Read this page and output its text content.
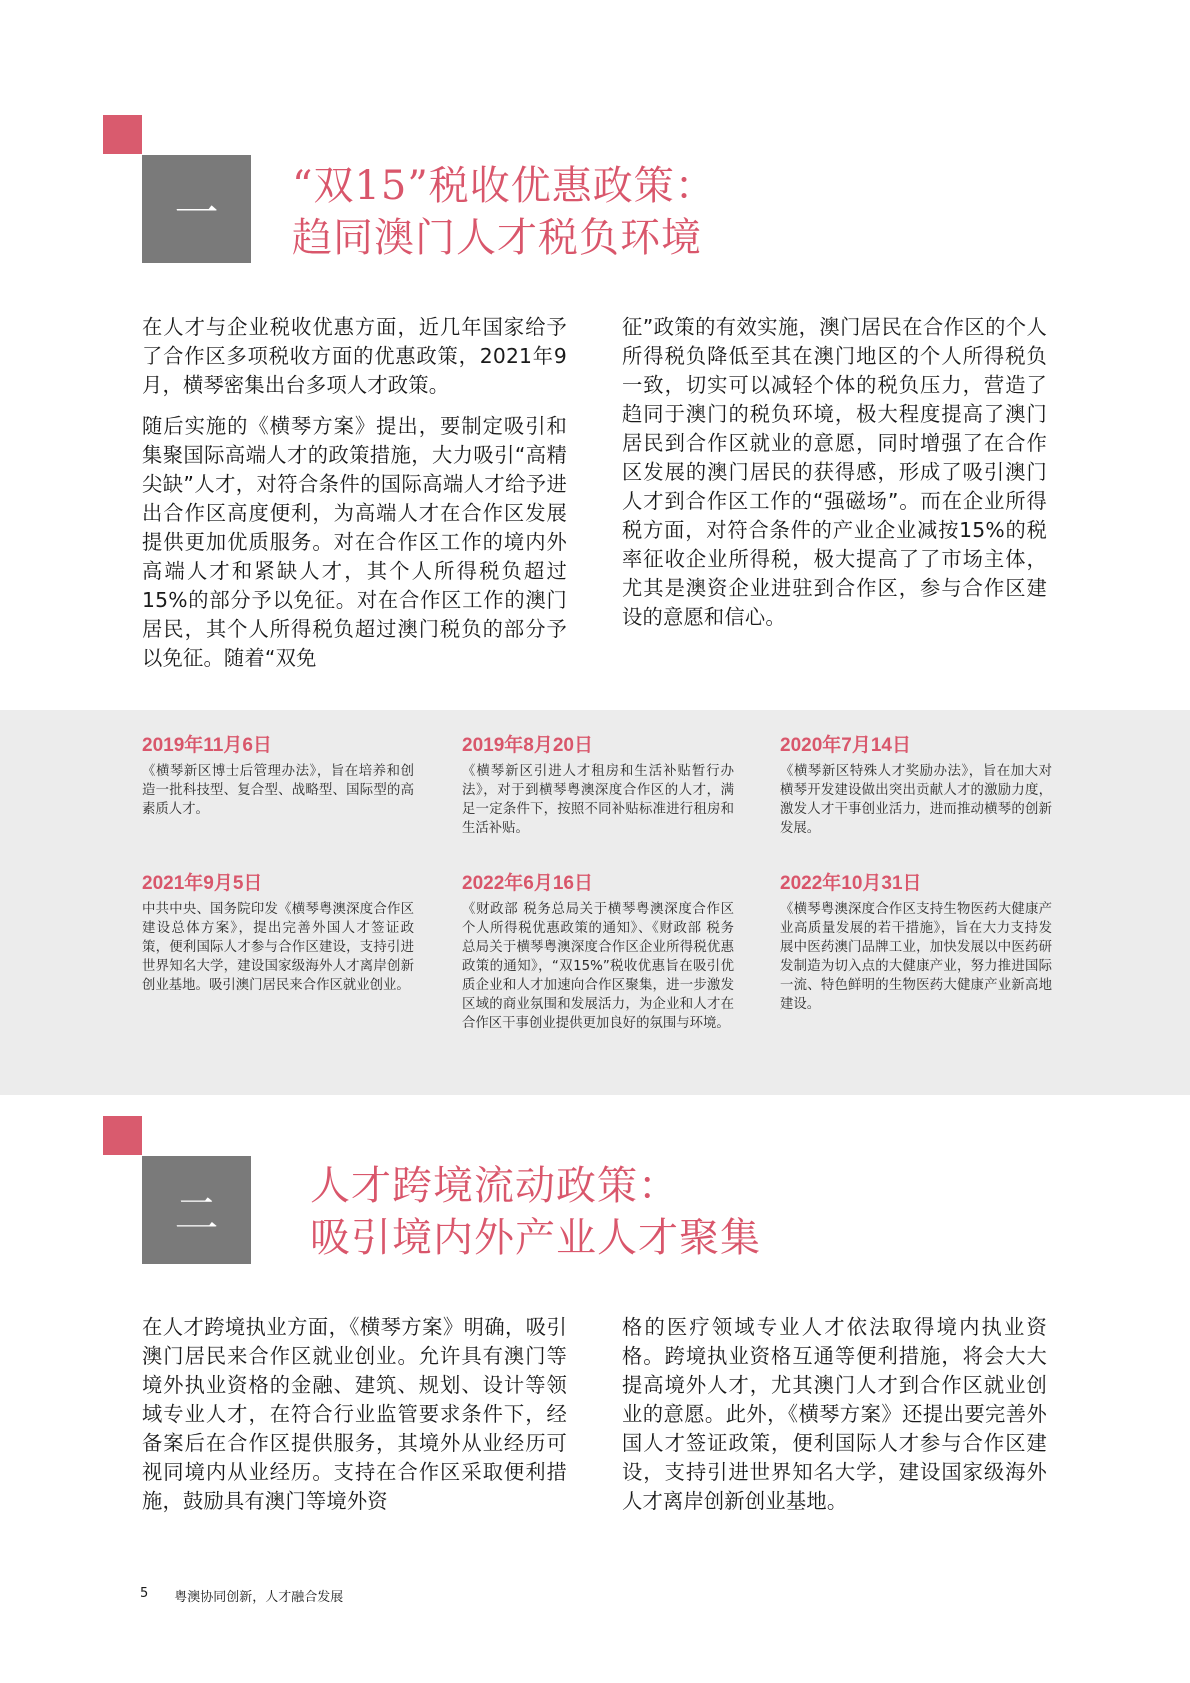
一
“双15”税收优惠政策：
趋同澳门人才税负环境

在人才与企业税收优惠方面，近几年国家给予了合作区多项税收方面的优惠政策，2021年9月，横琴密集出台多项人才政策。

随后实施的《横琴方案》提出，要制定吸引和集聚国际高端人才的政策措施，大力吸引“高精尖缺”人才，对符合条件的国际高端人才给予进出合作区高度便利，为高端人才在合作区发展提供更加优质服务。对在合作区工作的境内外高端人才和紧缺人才，其个人所得税负超过15%的部分予以免征。对在合作区工作的澳门居民，其个人所得税负超过澳门税负的部分予以免征。随着“双免

征”政策的有效实施，澳门居民在合作区的个人所得税负降低至其在澳门地区的个人所得税负一致，切实可以减轻个体的税负压力，营造了趋同于澳门的税负环境，极大程度提高了澳门居民到合作区就业的意愿，同时增强了在合作区发展的澳门居民的获得感，形成了吸引澳门人才到合作区工作的“强磁场”。而在企业所得税方面，对符合条件的产业企业减按15%的税率征收企业所得税，极大提高了了市场主体，尤其是澳资企业进驻到合作区，参与合作区建设的意愿和信心。

2019年11月6日
《横琴新区博士后管理办法》，旨在培养和创造一批科技型、复合型、战略型、国际型的高素质人才。
2019年8月20日
《横琴新区引进人才租房和生活补贴暂行办法》，对于到横琴粤澳深度合作区的人才，满足一定条件下，按照不同补贴标准进行租房和生活补贴。
2020年7月14日
《横琴新区特殊人才奖励办法》，旨在加大对横琴开发建设做出突出贡献人才的激励力度，激发人才干事创业活力，进而推动横琴的创新发展。
2021年9月5日
中共中央、国务院印发《横琴粤澳深度合作区建设总体方案》，提出完善外国人才签证政策，便利国际人才参与合作区建设，支持引进世界知名大学，建设国家级海外人才离岸创新创业基地。吸引澳门居民来合作区就业创业。
2022年6月16日
《财政部 税务总局关于横琴粤澳深度合作区个人所得税优惠政策的通知》、《财政部 税务总局关于横琴粤澳深度合作区企业所得税优惠政策的通知》，“双15%”税收优惠旨在吸引优质企业和人才加速向合作区聚集，进一步激发区域的商业氛围和发展活力，为企业和人才在合作区干事创业提供更加良好的氛围与环境。
2022年10月31日
《横琴粤澳深度合作区支持生物医药大健康产业高质量发展的若干措施》，旨在大力支持发展中医药澳门品牌工业，加快发展以中医药研发制造为切入点的大健康产业，努力推进国际一流、特色鲜明的生物医药大健康产业新高地建设。
二
人才跨境流动政策：
吸引境内外产业人才聚集

在人才跨境执业方面，《横琴方案》明确，吸引澳门居民来合作区就业创业。允许具有澳门等境外执业资格的金融、建筑、规划、设计等领域专业人才，在符合行业监管要求条件下，经备案后在合作区提供服务，其境外从业经历可视同境内从业经历。支持在合作区采取便利措施，鼓励具有澳门等境外资

格的医疗领域专业人才依法取得境内执业资格。跨境执业资格互通等便利措施，将会大大提高境外人才，尤其澳门人才到合作区就业创业的意愿。此外，《横琴方案》还提出要完善外国人才签证政策，便利国际人才参与合作区建设，支持引进世界知名大学，建设国家级海外人才离岸创新创业基地。

5 粤澳协同创新，人才融合发展
